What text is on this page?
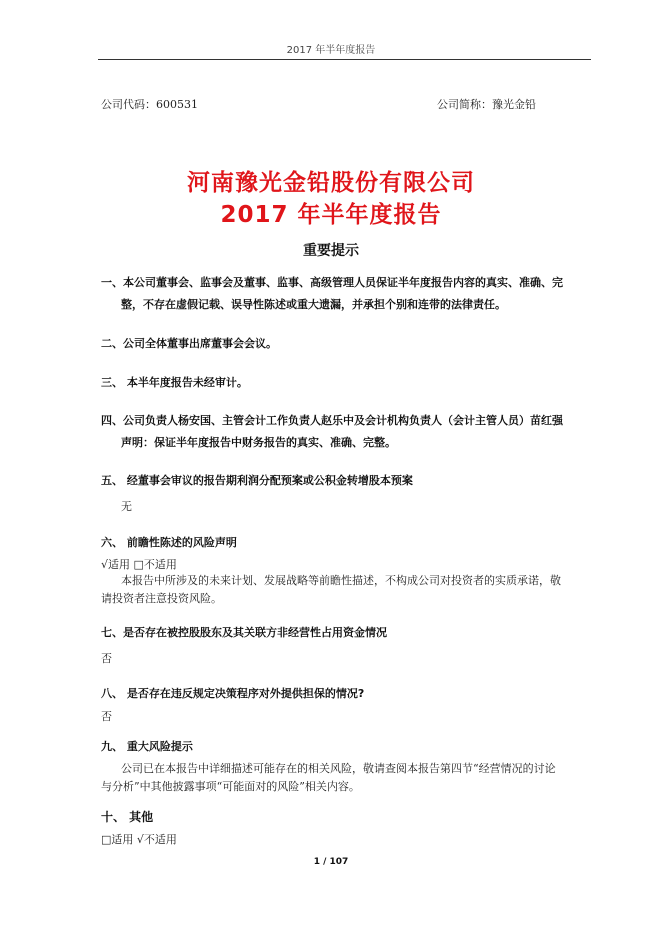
2017 年半年度报告
公司代码：600531	公司简称：豫光金铅
河南豫光金铅股份有限公司
2017 年半年度报告
重要提示
一、本公司董事会、监事会及董事、监事、高级管理人员保证半年度报告内容的真实、准确、完
整，不存在虚假记载、误导性陈述或重大遗漏，并承担个别和连带的法律责任。
二、公司全体董事出席董事会会议。
三、 本半年度报告未经审计。
四、公司负责人杨安国、主管会计工作负责人赵乐中及会计机构负责人（会计主管人员）苗红强
声明：保证半年度报告中财务报告的真实、准确、完整。
五、 经董事会审议的报告期利润分配预案或公积金转增股本预案
无
六、 前瞻性陈述的风险声明
√适用 □不适用
本报告中所涉及的未来计划、发展战略等前瞻性描述，不构成公司对投资者的实质承诺，敬
请投资者注意投资风险。
七、是否存在被控股股东及其关联方非经营性占用资金情况
否
八、 是否存在违反规定决策程序对外提供担保的情况?
否
九、 重大风险提示
公司已在本报告中详细描述可能存在的相关风险，敬请查阅本报告第四节“经营情况的讨论
与分析”中其他披露事项“可能面对的风险”相关内容。
十、 其他
□适用 √不适用
1 / 107
